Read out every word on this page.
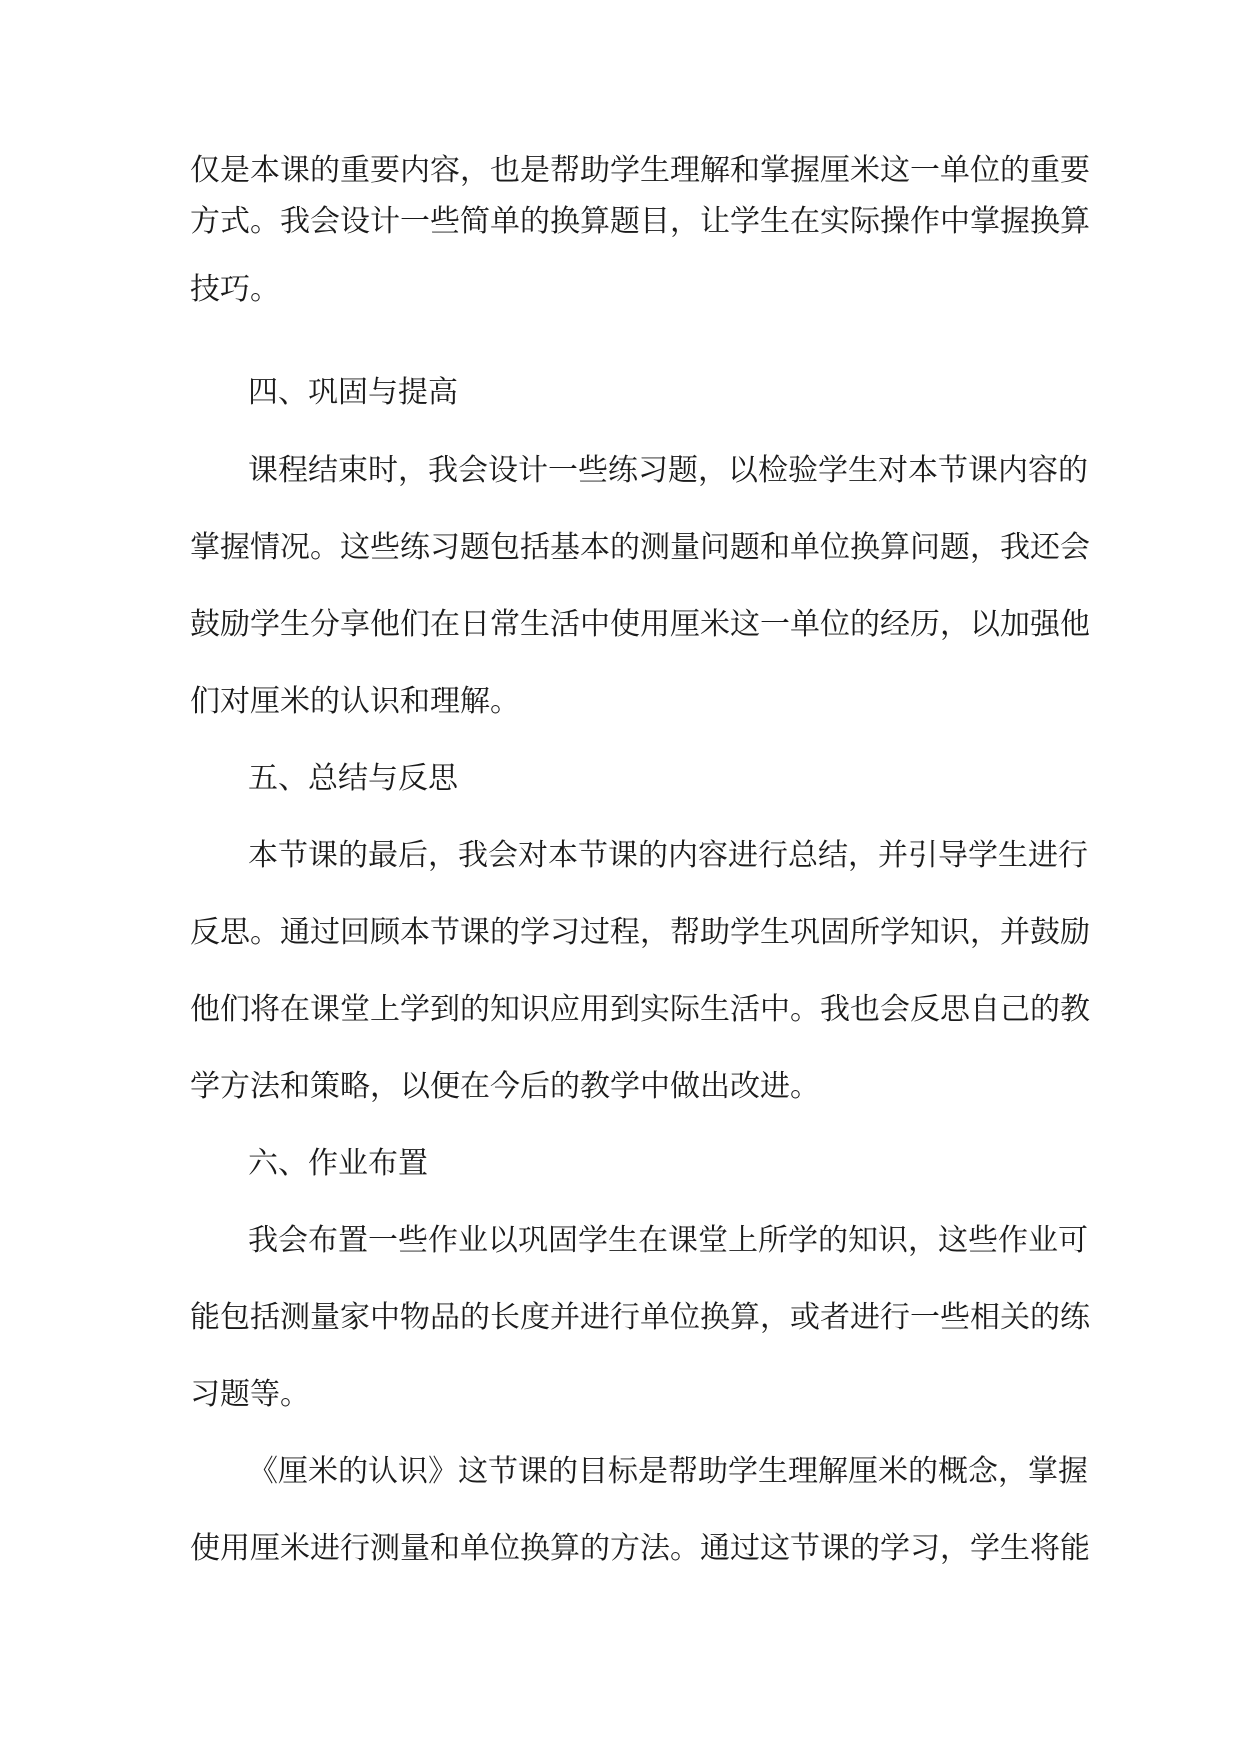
仅是本课的重要内容，也是帮助学生理解和掌握厘米这一单位的重要
方式。我会设计一些简单的换算题目，让学生在实际操作中掌握换算
技巧。
四、巩固与提高
课程结束时，我会设计一些练习题，以检验学生对本节课内容的
掌握情况。这些练习题包括基本的测量问题和单位换算问题，我还会
鼓励学生分享他们在日常生活中使用厘米这一单位的经历，以加强他
们对厘米的认识和理解。
五、总结与反思
本节课的最后，我会对本节课的内容进行总结，并引导学生进行
反思。通过回顾本节课的学习过程，帮助学生巩固所学知识，并鼓励
他们将在课堂上学到的知识应用到实际生活中。我也会反思自己的教
学方法和策略，以便在今后的教学中做出改进。
六、作业布置
我会布置一些作业以巩固学生在课堂上所学的知识，这些作业可
能包括测量家中物品的长度并进行单位换算，或者进行一些相关的练
习题等。
《厘米的认识》这节课的目标是帮助学生理解厘米的概念，掌握
使用厘米进行测量和单位换算的方法。通过这节课的学习，学生将能
